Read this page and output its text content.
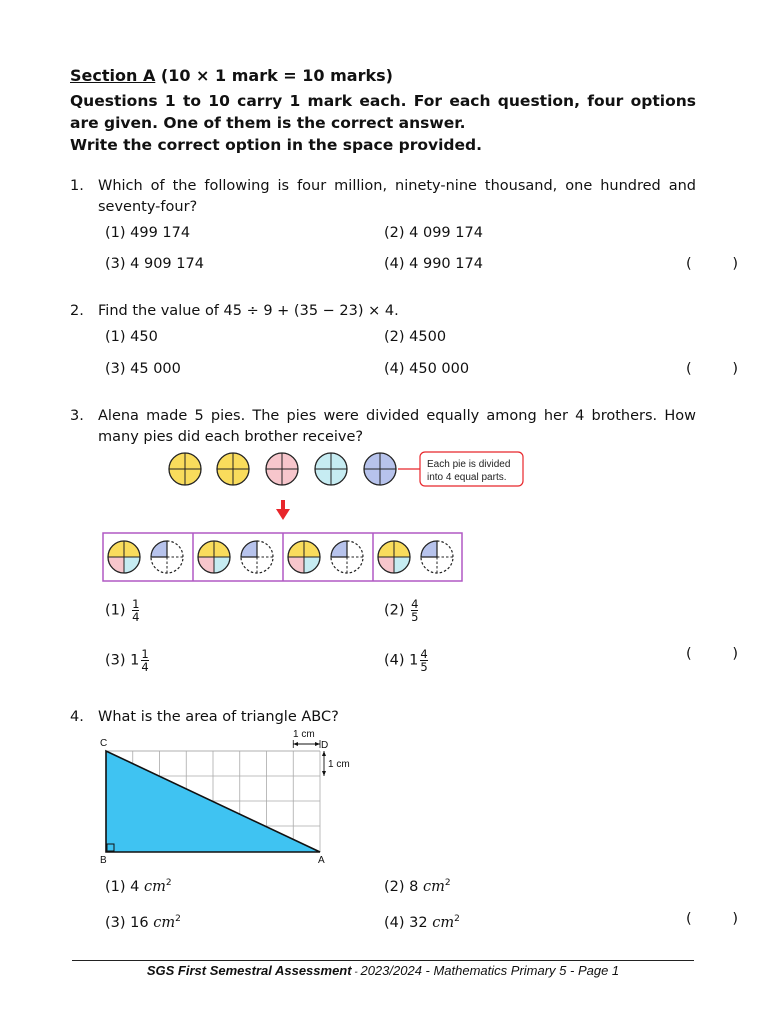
Section A (10 × 1 mark = 10 marks)
Questions 1 to 10 carry 1 mark each. For each question, four options are given. One of them is the correct answer.
Write the correct option in the space provided.
1. Which of the following is four million, ninety-nine thousand, one hundred and seventy-four?
(1) 499 174	(2) 4 099 174
(3) 4 909 174	(4) 4 990 174	(	)
2. Find the value of 45 ÷ 9 + (35 − 23) × 4.
(1) 450	(2) 4500
(3) 45 000	(4) 450 000	(	)
3. Alena made 5 pies. The pies were divided equally among her 4 brothers. How many pies did each brother receive?
Each pie is divided
into 4 equal parts.
$(1) \frac{1}{4}$	$(2) \frac{4}{5}$
(3) $1 \frac{1}{4}$	(4) $1 \frac{4}{5}$	(	)
4. What is the area of triangle ABC?
C	D
B	A
1 cm
1 cm
(1) 4 $cm^2$	(2) 8 $cm^2$
(3) 16 $cm^2$	(4) 32 $cm^2$	(	)
SGS First Semestral Assessment - 2023/2024 - Mathematics Primary 5 - Page 1
